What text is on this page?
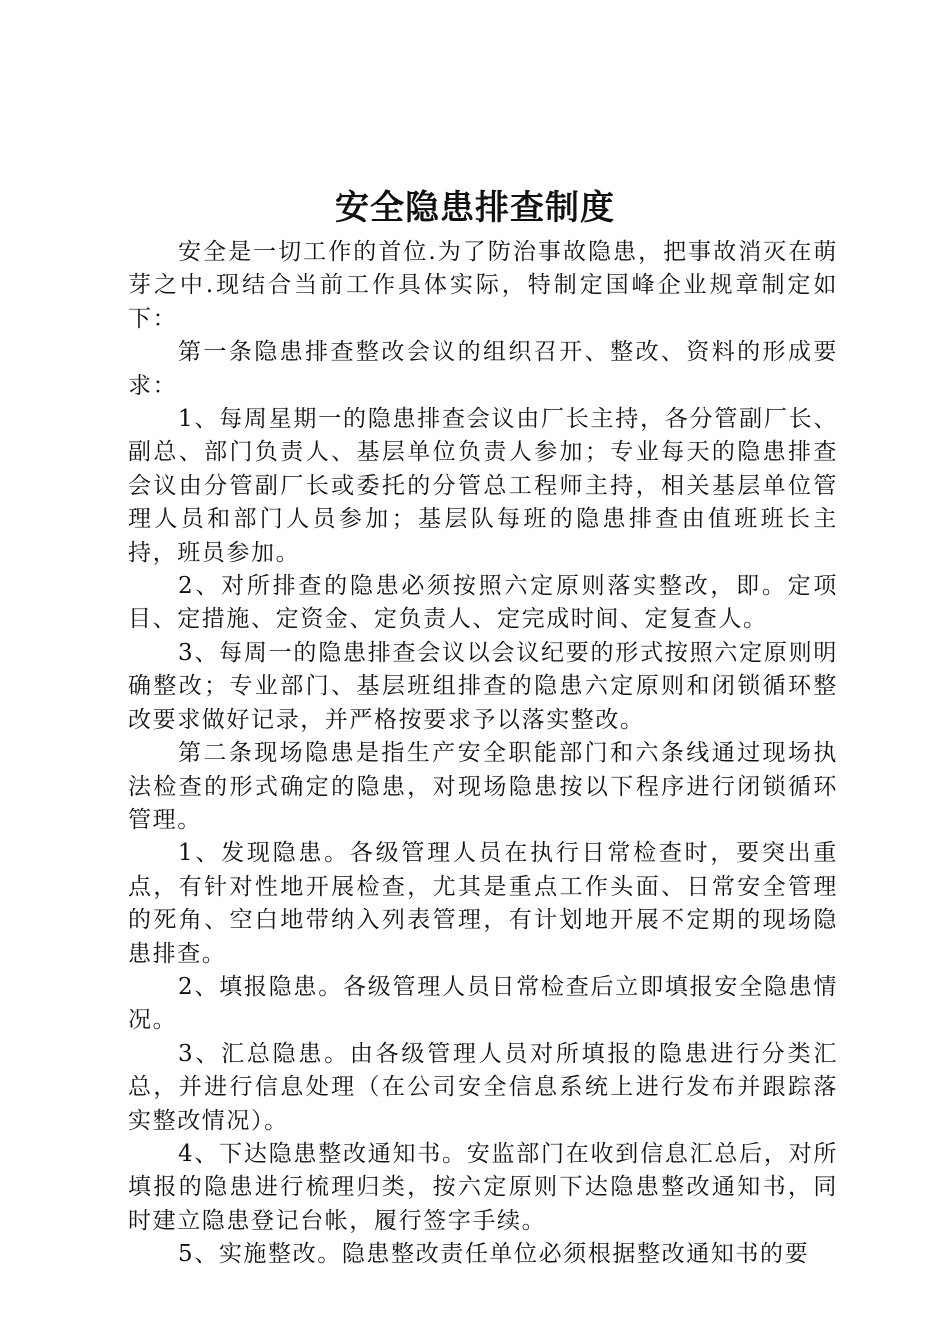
安全隐患排查制度

安全是一切工作的首位.为了防治事故隐患，把事故消灭在萌芽之中.现结合当前工作具体实际，特制定国峰企业规章制定如下：

第一条隐患排查整改会议的组织召开、整改、资料的形成要求：

1、每周星期一的隐患排查会议由厂长主持，各分管副厂长、副总、部门负责人、基层单位负责人参加；专业每天的隐患排查会议由分管副厂长或委托的分管总工程师主持，相关基层单位管理人员和部门人员参加；基层队每班的隐患排查由值班班长主持，班员参加。

2、对所排查的隐患必须按照六定原则落实整改，即。定项目、定措施、定资金、定负责人、定完成时间、定复查人。

3、每周一的隐患排查会议以会议纪要的形式按照六定原则明确整改；专业部门、基层班组排查的隐患六定原则和闭锁循环整改要求做好记录，并严格按要求予以落实整改。

第二条现场隐患是指生产安全职能部门和六条线通过现场执法检查的形式确定的隐患，对现场隐患按以下程序进行闭锁循环管理。

1、发现隐患。各级管理人员在执行日常检查时，要突出重点，有针对性地开展检查，尤其是重点工作头面、日常安全管理的死角、空白地带纳入列表管理，有计划地开展不定期的现场隐患排查。

2、填报隐患。各级管理人员日常检查后立即填报安全隐患情况。

3、汇总隐患。由各级管理人员对所填报的隐患进行分类汇总，并进行信息处理（在公司安全信息系统上进行发布并跟踪落实整改情况）。

4、下达隐患整改通知书。安监部门在收到信息汇总后，对所填报的隐患进行梳理归类，按六定原则下达隐患整改通知书，同时建立隐患登记台帐，履行签字手续。

5、实施整改。隐患整改责任单位必须根据整改通知书的要
